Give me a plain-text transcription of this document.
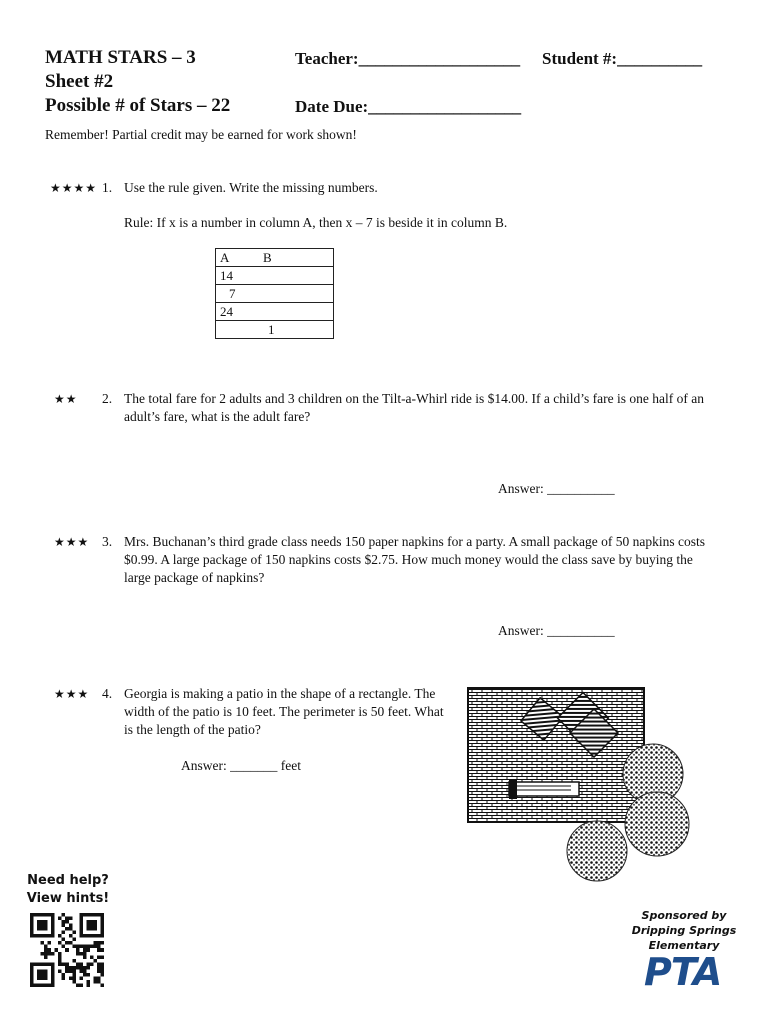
MATH STARS – 3
Sheet #2
Possible # of Stars – 22
Teacher:___________________ Student #:__________
Date Due:__________________
Remember! Partial credit may be earned for work shown!
★★★★ 1. Use the rule given. Write the missing numbers.
Rule: If x is a number in column A, then x – 7 is beside it in column B.
A	B
14	
7	
24	
	1
★★ 2. The total fare for 2 adults and 3 children on the Tilt-a-Whirl ride is $14.00. If a child’s fare is one half of an adult’s fare, what is the adult fare?
Answer: __________
★★★ 3. Mrs. Buchanan’s third grade class needs 150 paper napkins for a party. A small package of 50 napkins costs $0.99. A large package of 150 napkins costs $2.75. How much money would the class save by buying the large package of napkins?
Answer: __________
★★★ 4. Georgia is making a patio in the shape of a rectangle. The width of the patio is 10 feet. The perimeter is 50 feet. What is the length of the patio?
Answer: _______ feet
Need help?
View hints!
Sponsored by
Dripping Springs
Elementary
PTA
